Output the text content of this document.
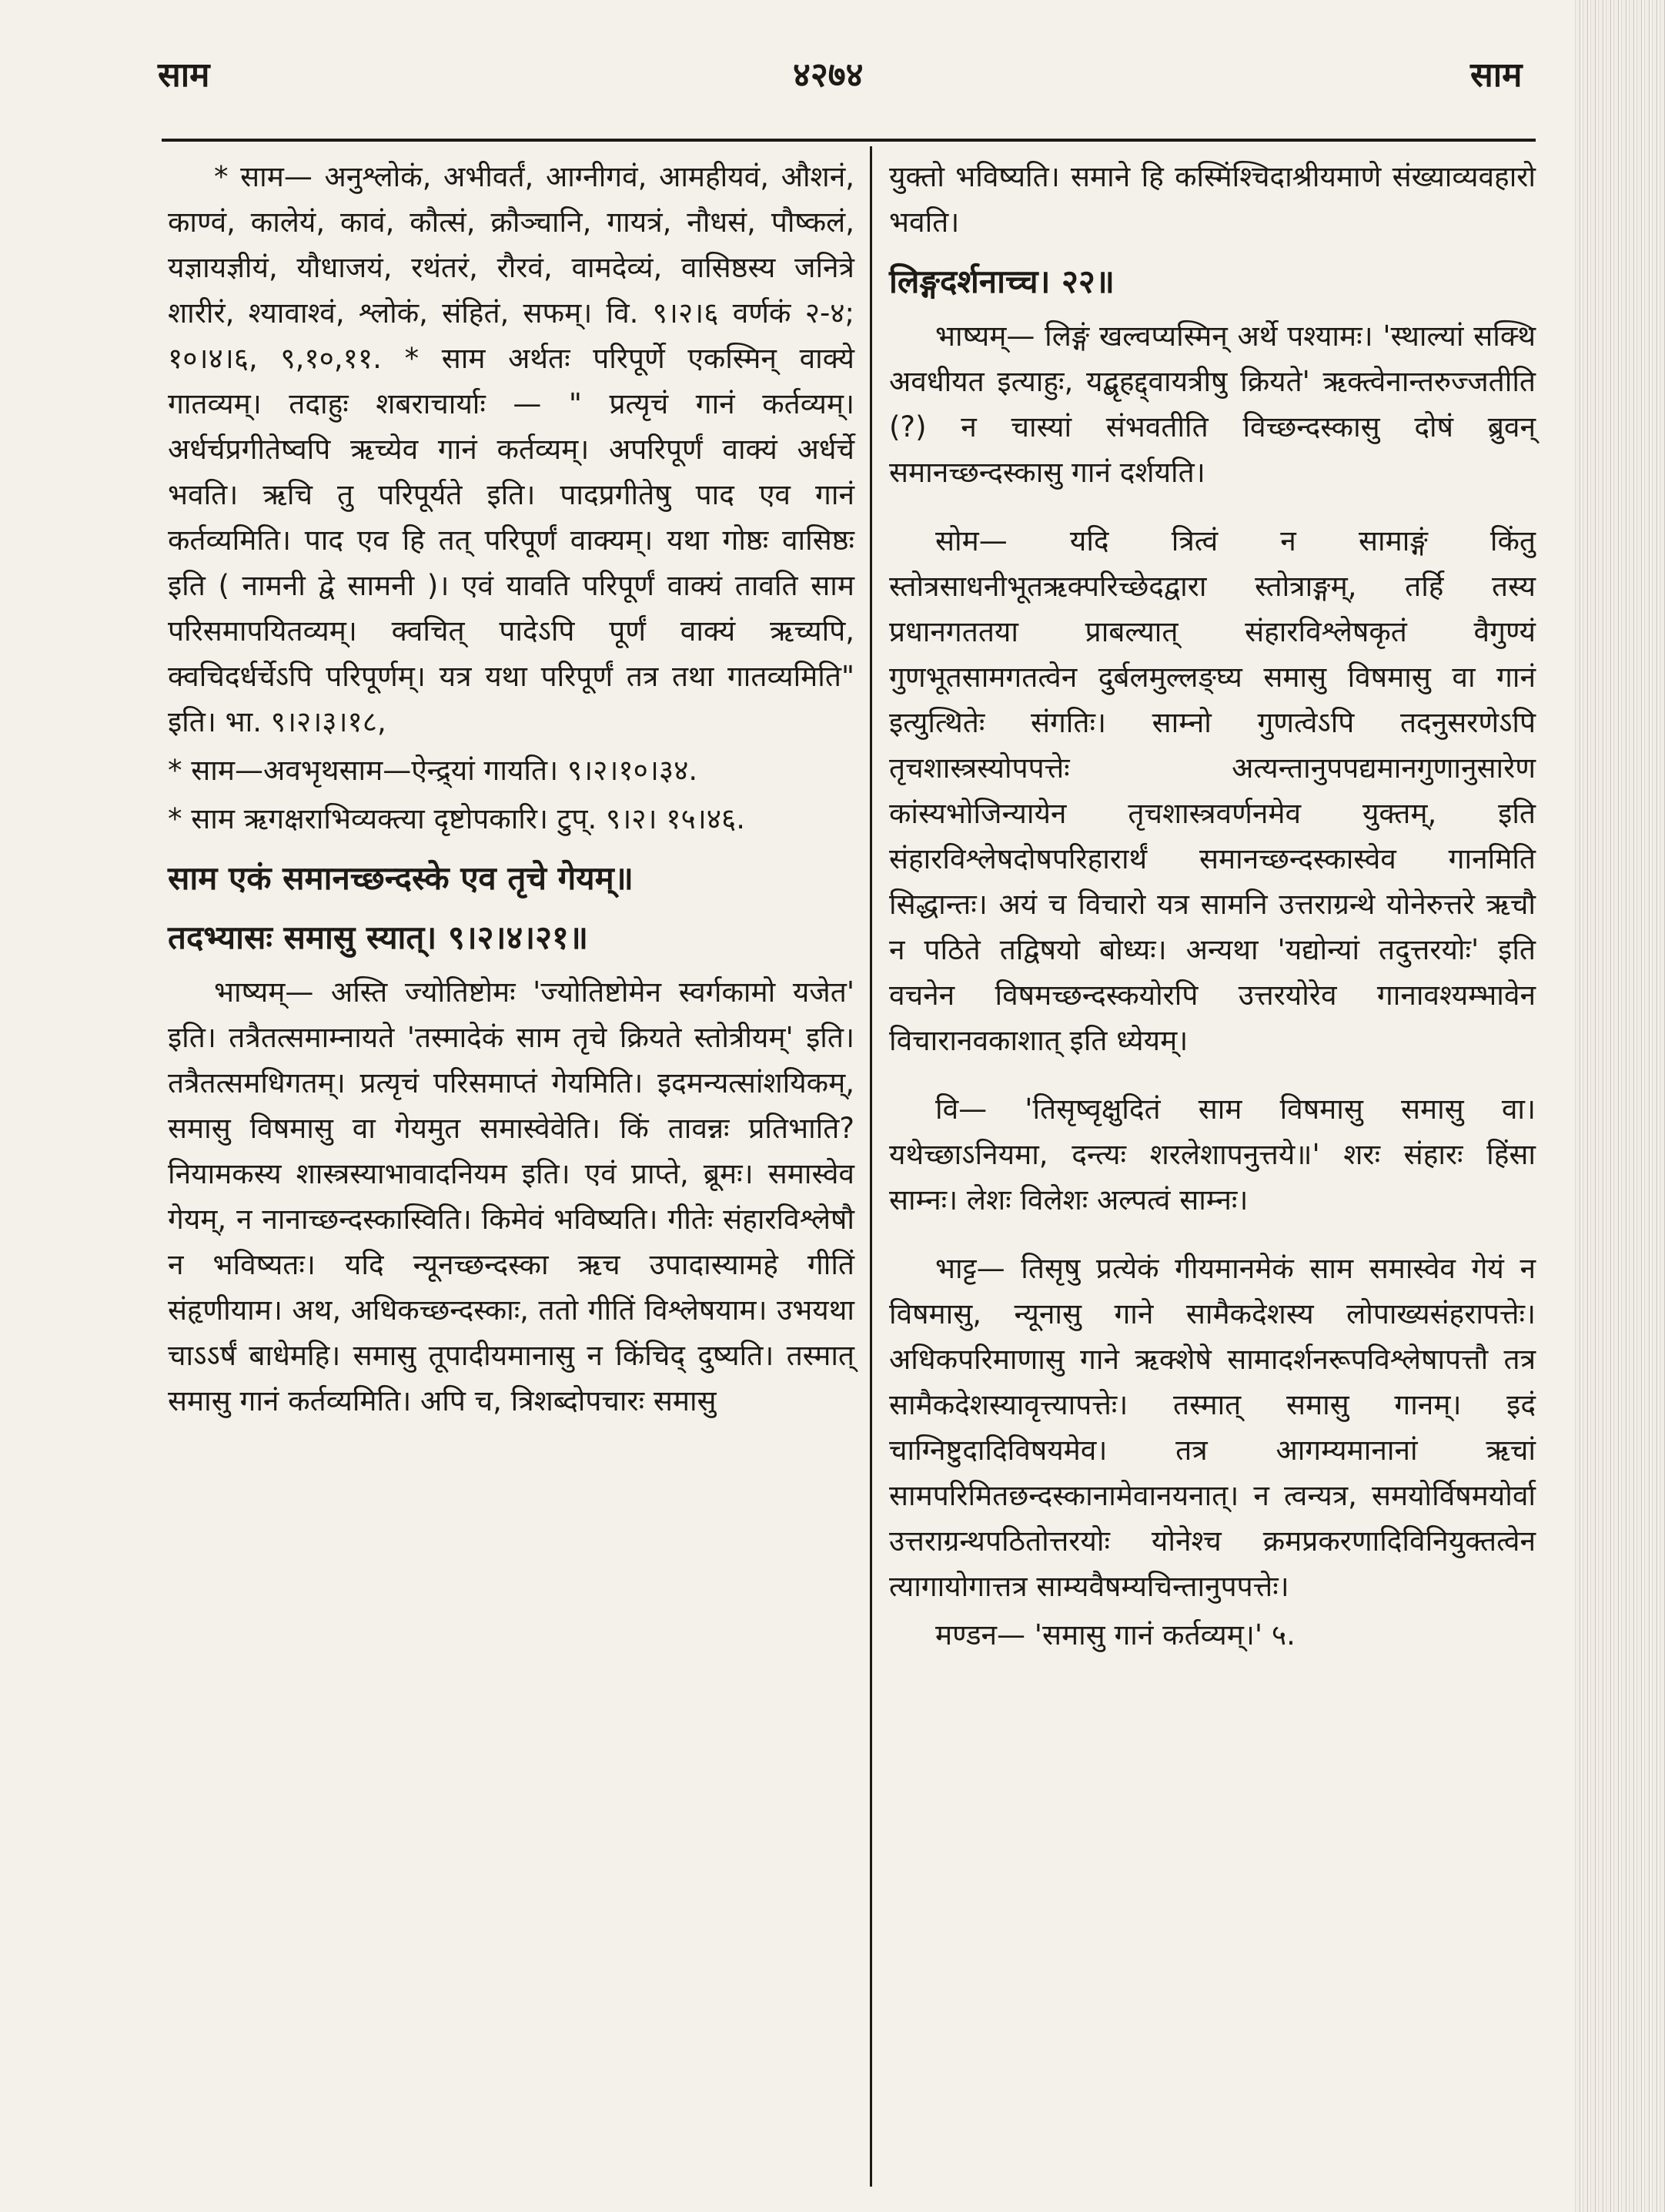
साम	४२७४	साम

* साम— अनुश्लोकं, अभीवर्तं, आग्नीगवं, आमहीयवं, औशनं, काण्वं, कालेयं, कावं, कौत्सं, क्रौञ्चानि, गायत्रं, नौधसं, पौष्कलं, यज्ञायज्ञीयं, यौधाजयं, रथंतरं, रौरवं, वामदेव्यं, वासिष्ठस्य जनित्रे शारीरं, श्यावाश्वं, श्लोकं, संहितं, सफम्। वि. ९।२।६ वर्णकं २-४; १०।४।६, ९,१०,११. * साम अर्थतः परिपूर्णे एकस्मिन् वाक्ये गातव्यम्। तदाहुः शबराचार्याः — " प्रत्यृचं गानं कर्तव्यम्। अर्धर्चप्रगीतेष्वपि ऋच्येव गानं कर्तव्यम्। अपरिपूर्णं वाक्यं अर्धर्चे भवति। ऋचि तु परिपूर्यते इति। पादप्रगीतेषु पाद एव गानं कर्तव्यमिति। पाद एव हि तत् परिपूर्णं वाक्यम्। यथा गोष्ठः वासिष्ठः इति ( नामनी द्वे सामनी )। एवं यावति परिपूर्णं वाक्यं तावति साम परिसमापयितव्यम्। क्वचित् पादेऽपि पूर्णं वाक्यं ऋच्यपि, क्वचिदर्धर्चेऽपि परिपूर्णम्। यत्र यथा परिपूर्णं तत्र तथा गातव्यमिति" इति। भा. ९।२।३।१८,

* साम—अवभृथसाम—ऐन्द्र्यां गायति। ९।२।१०।३४.

* साम ऋगक्षराभिव्यक्त्या दृष्टोपकारि। टुप्. ९।२। १५।४६.

साम एकं समानच्छन्दस्के एव तृचे गेयम्॥
तदभ्यासः समासु स्यात्। ९।२।४।२१॥

भाष्यम्— अस्ति ज्योतिष्टोमः 'ज्योतिष्टोमेन स्वर्गकामो यजेत' इति। तत्रैतत्समाम्नायते 'तस्मादेकं साम तृचे क्रियते स्तोत्रीयम्' इति। तत्रैतत्समधिगतम्। प्रत्यृचं परिसमाप्तं गेयमिति। इदमन्यत्सांशयिकम्, समासु विषमासु वा गेयमुत समास्वेवेति। किं तावन्नः प्रतिभाति? नियामकस्य शास्त्रस्याभावादनियम इति। एवं प्राप्ते, ब्रूमः। समास्वेव गेयम्, न नानाच्छन्दस्कास्विति। किमेवं भविष्यति। गीतेः संहारविश्लेषौ न भविष्यतः। यदि न्यूनच्छन्दस्का ऋच उपादास्यामहे गीतिं संहृणीयाम। अथ, अधिकच्छन्दस्काः, ततो गीतिं विश्लेषयाम। उभयथा चाऽऽर्षं बाधेमहि। समासु तूपादीयमानासु न किंचिद् दुष्यति। तस्मात् समासु गानं कर्तव्यमिति। अपि च, त्रिशब्दोपचारः समासु

युक्तो भविष्यति। समाने हि कस्मिंश्चिदाश्रीयमाणे संख्याव्यवहारो भवति।

लिङ्गदर्शनाच्च। २२॥

भाष्यम्— लिङ्गं खल्वप्यस्मिन् अर्थे पश्यामः। 'स्थाल्यां सक्थि अवधीयत इत्याहुः, यद्बृहद्द्वायत्रीषु क्रियते' ऋक्त्वेनान्तरुज्जतीति (?) न चास्यां संभवतीति विच्छन्दस्कासु दोषं ब्रुवन् समानच्छन्दस्कासु गानं दर्शयति।

सोम— यदि त्रित्वं न सामाङ्गं किंतु स्तोत्रसाधनीभूतऋक्परिच्छेदद्वारा स्तोत्राङ्गम्, तर्हि तस्य प्रधानगततया प्राबल्यात् संहारविश्लेषकृतं वैगुण्यं गुणभूतसामगतत्वेन दुर्बलमुल्लङ्घ्य समासु विषमासु वा गानं इत्युत्थितेः संगतिः। साम्नो गुणत्वेऽपि तदनुसरणेऽपि तृचशास्त्रस्योपपत्तेः अत्यन्तानुपपद्यमानगुणानुसारेण कांस्यभोजिन्यायेन तृचशास्त्रवर्णनमेव युक्तम्, इति संहारविश्लेषदोषपरिहारार्थं समानच्छन्दस्कास्वेव गानमिति सिद्धान्तः। अयं च विचारो यत्र सामनि उत्तराग्रन्थे योनेरुत्तरे ऋचौ न पठिते तद्विषयो बोध्यः। अन्यथा 'यद्योन्यां तदुत्तरयोः' इति वचनेन विषमच्छन्दस्कयोरपि उत्तरयोरेव गानावश्यम्भावेन विचारानवकाशात् इति ध्येयम्।

वि— 'तिसृष्वृक्षुदितं साम विषमासु समासु वा। यथेच्छाऽनियमा, दन्त्यः शरलेशापनुत्तये॥' शरः संहारः हिंसा साम्नः। लेशः विलेशः अल्पत्वं साम्नः।

भाट्ट— तिसृषु प्रत्येकं गीयमानमेकं साम समास्वेव गेयं न विषमासु, न्यूनासु गाने सामैकदेशस्य लोपाख्यसंहरापत्तेः। अधिकपरिमाणासु गाने ऋक्शेषे सामादर्शनरूपविश्लेषापत्तौ तत्र सामैकदेशस्यावृत्त्यापत्तेः। तस्मात् समासु गानम्। इदं चाग्निष्टुदादिविषयमेव। तत्र आगम्यमानानां ऋचां सामपरिमितछन्दस्कानामेवानयनात्। न त्वन्यत्र, समयोर्विषमयोर्वा उत्तराग्रन्थपठितोत्तरयोः योनेश्च क्रमप्रकरणादिविनियुक्तत्वेन त्यागायोगात्तत्र साम्यवैषम्यचिन्तानुपपत्तेः।

मण्डन— 'समासु गानं कर्तव्यम्।' ५.
